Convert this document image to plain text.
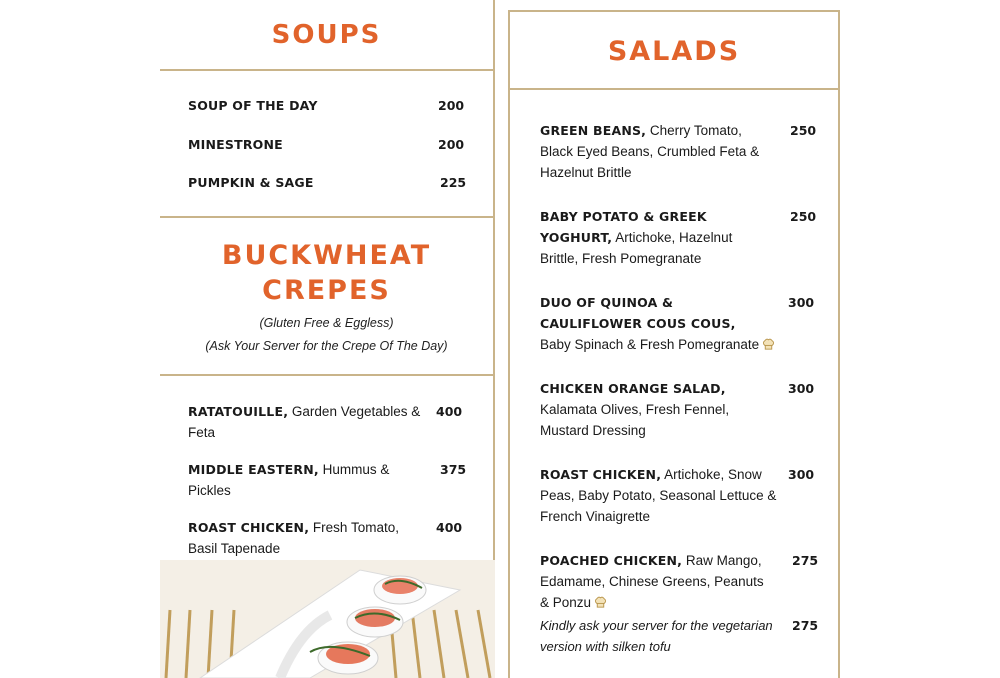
SOUPS
SOUP OF THE DAY	200
MINESTRONE	200
PUMPKIN & SAGE	225
BUCKWHEAT
CREPES
(Gluten Free & Eggless)
(Ask Your Server for the Crepe Of The Day)
RATATOUILLE, Garden Vegetables &
Feta
400
MIDDLE EASTERN, Hummus &
Pickles
375
ROAST CHICKEN, Fresh Tomato,
Basil Tapenade
400
SALADS
GREEN BEANS, Cherry Tomato,
Black Eyed Beans, Crumbled Feta &
Hazelnut Brittle
250
BABY POTATO & GREEK
YOGHURT, Artichoke, Hazelnut
Brittle, Fresh Pomegranate
250
DUO OF QUINOA &
CAULIFLOWER COUS COUS,
Baby Spinach & Fresh Pomegranate
300
CHICKEN ORANGE SALAD,
Kalamata Olives, Fresh Fennel,
Mustard Dressing
300
ROAST CHICKEN, Artichoke, Snow
Peas, Baby Potato, Seasonal Lettuce &
French Vinaigrette
300
POACHED CHICKEN, Raw Mango,
Edamame, Chinese Greens, Peanuts
& Ponzu
275
Kindly ask your server for the vegetarian
version with silken tofu
275
